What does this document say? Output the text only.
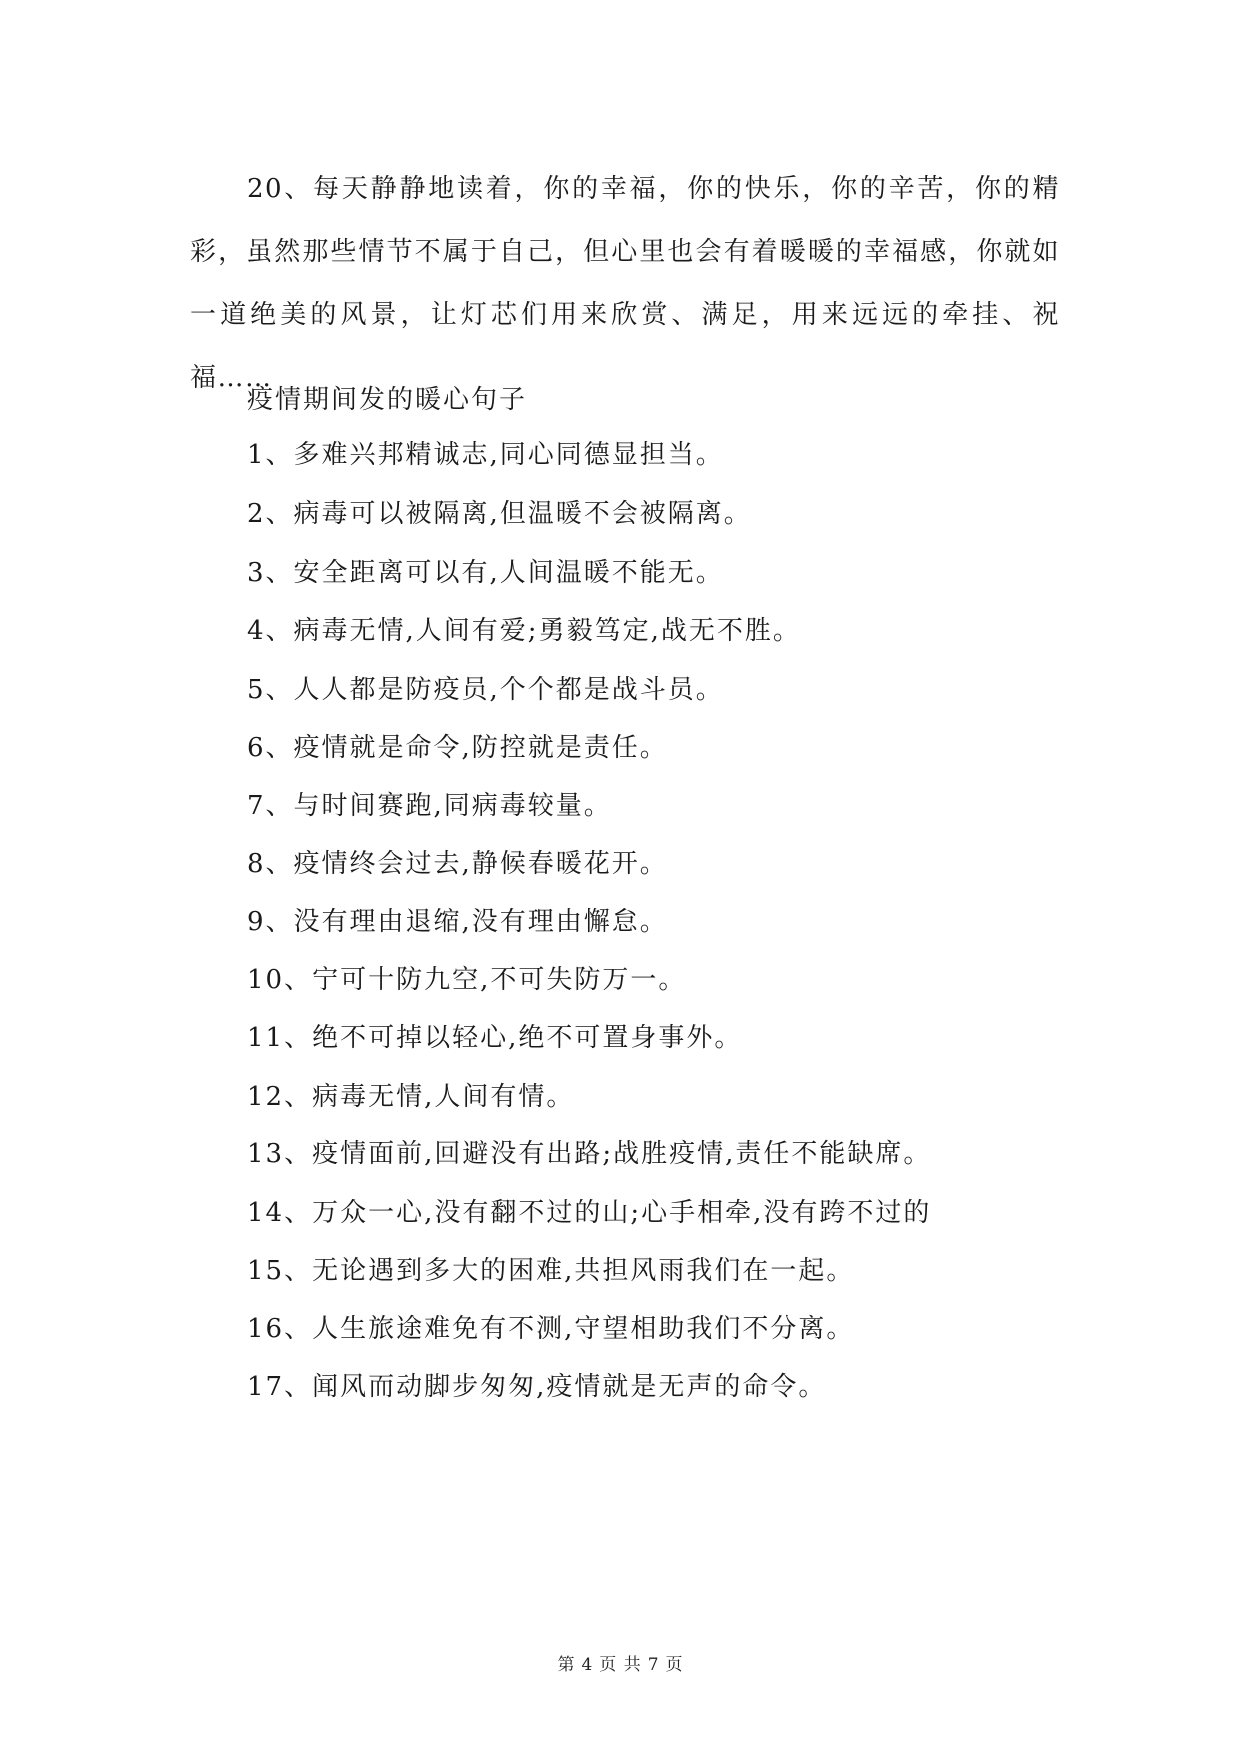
20、每天静静地读着，你的幸福，你的快乐，你的辛苦，你的精彩，虽然那些情节不属于自己，但心里也会有着暖暖的幸福感，你就如一道绝美的风景，让灯芯们用来欣赏、满足，用来远远的牵挂、祝福……

疫情期间发的暖心句子

1、多难兴邦精诚志,同心同德显担当。

2、病毒可以被隔离,但温暖不会被隔离。

3、安全距离可以有,人间温暖不能无。

4、病毒无情,人间有爱;勇毅笃定,战无不胜。

5、人人都是防疫员,个个都是战斗员。

6、疫情就是命令,防控就是责任。

7、与时间赛跑,同病毒较量。

8、疫情终会过去,静候春暖花开。

9、没有理由退缩,没有理由懈怠。

10、宁可十防九空,不可失防万一。

11、绝不可掉以轻心,绝不可置身事外。

12、病毒无情,人间有情。

13、疫情面前,回避没有出路;战胜疫情,责任不能缺席。

14、万众一心,没有翻不过的山;心手相牵,没有跨不过的

15、无论遇到多大的困难,共担风雨我们在一起。

16、人生旅途难免有不测,守望相助我们不分离。

17、闻风而动脚步匆匆,疫情就是无声的命令。

第 4 页 共 7 页
